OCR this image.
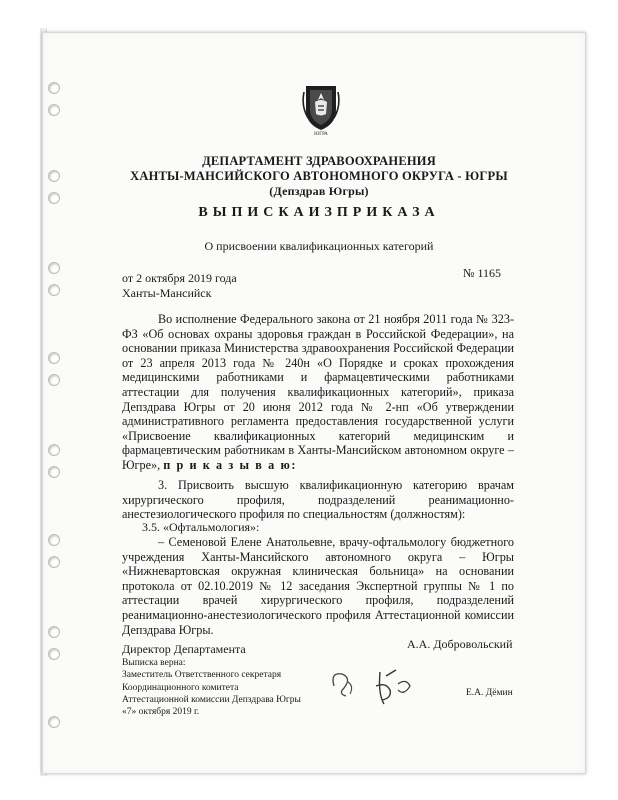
ЮГРА

ДЕПАРТАМЕНТ ЗДРАВООХРАНЕНИЯ

ХАНТЫ-МАНСИЙСКОГО АВТОНОМНОГО ОКРУГА - ЮГРЫ

(Депздрав Югры)

ВЫПИСКАИЗПРИКАЗА

О присвоении квалификационных категорий

от 2 октября 2019 года	№ 1165

Ханты-Мансийск

Во исполнение Федерального закона от 21 ноября 2011 года № 323-ФЗ «Об основах охраны здоровья граждан в Российской Федерации», на основании приказа Министерства здравоохранения Российской Федерации от 23 апреля 2013 года № 240н «О Порядке и сроках прохождения медицинскими работниками и фармацевтическими работниками аттестации для получения квалификационных категорий», приказа Депздрава Югры от 20 июня 2012 года № 2-нп «Об утверждении административного регламента предоставления государственной услуги «Присвоение квалификационных категорий медицинским и фармацевтическим работникам в Ханты-Мансийском автономном округе – Югре», п р и к а з ы в а ю:

3. Присвоить высшую квалификационную категорию врачам хирургического профиля, подразделений реанимационно-анестезиологического профиля по специальностям (должностям):

3.5. «Офтальмология»:

– Семеновой Елене Анатольевне, врачу-офтальмологу бюджетного учреждения Ханты-Мансийского автономного округа – Югры «Нижневартовская окружная клиническая больница» на основании протокола от 02.10.2019 № 12 заседания Экспертной группы № 1 по аттестации врачей хирургического профиля, подразделений реанимационно-анестезиологического профиля Аттестационной комиссии Депздрава Югры.

Директор Департамента	А.А. Добровольский

Выписка верна:

Заместитель Ответственного секретаря

Координационного комитета

Аттестационной комиссии Депздрава Югры

«7» октября 2019 г.

Е.А. Дёмин
